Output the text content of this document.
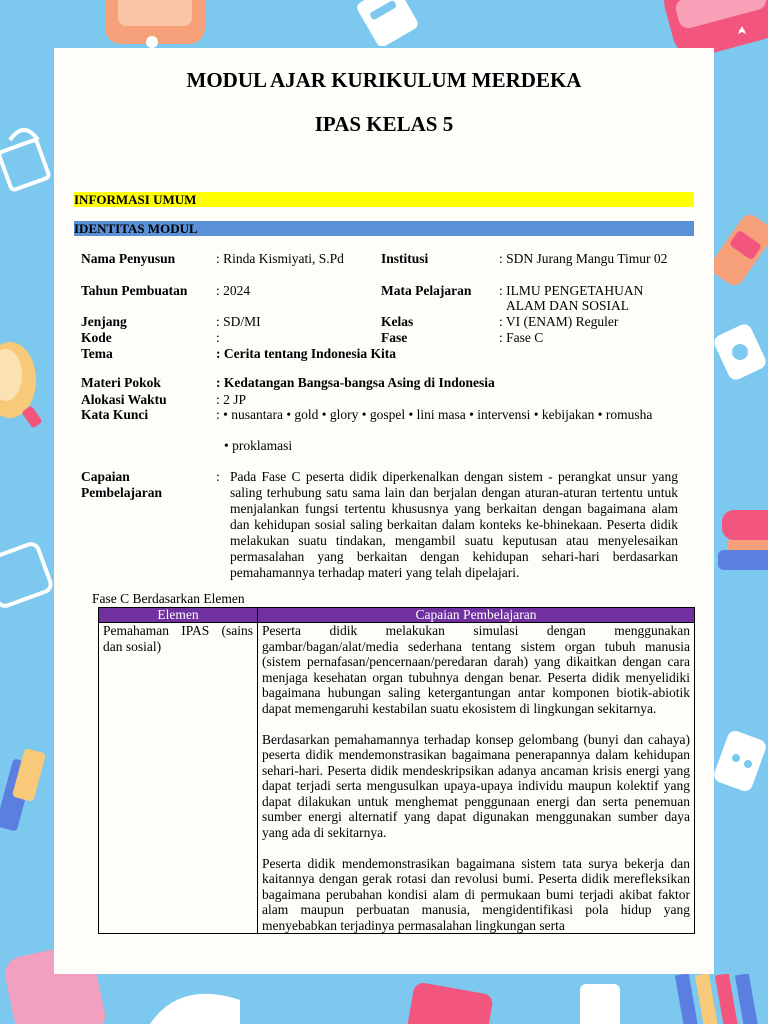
MODUL AJAR KURIKULUM MERDEKA
IPAS KELAS 5
INFORMASI UMUM
IDENTITAS MODUL
Nama Penyusun	: Rinda Kismiyati, S.Pd	Institusi	: SDN Jurang Mangu Timur 02
Tahun Pembuatan : 2024	Mata Pelajaran : ILMU PENGETAHUAN
ALAM DAN SOSIAL
Jenjang	: SD/MI	Kelas	: VI (ENAM) Reguler
Kode	:	Fase	: Fase C
Tema	: Cerita tentang Indonesia Kita
Materi Pokok	: Kedatangan Bangsa-bangsa Asing di Indonesia
Alokasi Waktu	: 2 JP
Kata Kunci	: • nusantara • gold • glory • gospel • lini masa • intervensi • kebijakan • romusha
• proklamasi
Capaian
Pembelajaran
: Pada Fase C peserta didik diperkenalkan dengan sistem - perangkat unsur yang saling terhubung satu sama lain dan berjalan dengan aturan-aturan tertentu untuk menjalankan fungsi tertentu khususnya yang berkaitan dengan bagaimana alam dan kehidupan sosial saling berkaitan dalam konteks ke-bhinekaan. Peserta didik melakukan suatu tindakan, mengambil suatu keputusan atau menyelesaikan permasalahan yang berkaitan dengan kehidupan sehari-hari berdasarkan pemahamannya terhadap materi yang telah dipelajari.
Fase C Berdasarkan Elemen
Elemen	Capaian Pembelajaran
Pemahaman IPAS (sains dan sosial)	Peserta didik melakukan simulasi dengan menggunakan gambar/bagan/alat/media sederhana tentang sistem organ tubuh manusia (sistem pernafasan/pencernaan/peredaran darah) yang dikaitkan dengan cara menjaga kesehatan organ tubuhnya dengan benar. Peserta didik menyelidiki bagaimana hubungan saling ketergantungan antar komponen biotik-abiotik dapat memengaruhi kestabilan suatu ekosistem di lingkungan sekitarnya.

Berdasarkan pemahamannya terhadap konsep gelombang (bunyi dan cahaya) peserta didik mendemonstrasikan bagaimana penerapannya dalam kehidupan sehari-hari. Peserta didik mendeskripsikan adanya ancaman krisis energi yang dapat terjadi serta mengusulkan upaya-upaya individu maupun kolektif yang dapat dilakukan untuk menghemat penggunaan energi dan serta penemuan sumber energi alternatif yang dapat digunakan menggunakan sumber daya yang ada di sekitarnya.

Peserta didik mendemonstrasikan bagaimana sistem tata surya bekerja dan kaitannya dengan gerak rotasi dan revolusi bumi. Peserta didik merefleksikan bagaimana perubahan kondisi alam di permukaan bumi terjadi akibat faktor alam maupun perbuatan manusia, mengidentifikasi pola hidup yang menyebabkan terjadinya permasalahan lingkungan serta
